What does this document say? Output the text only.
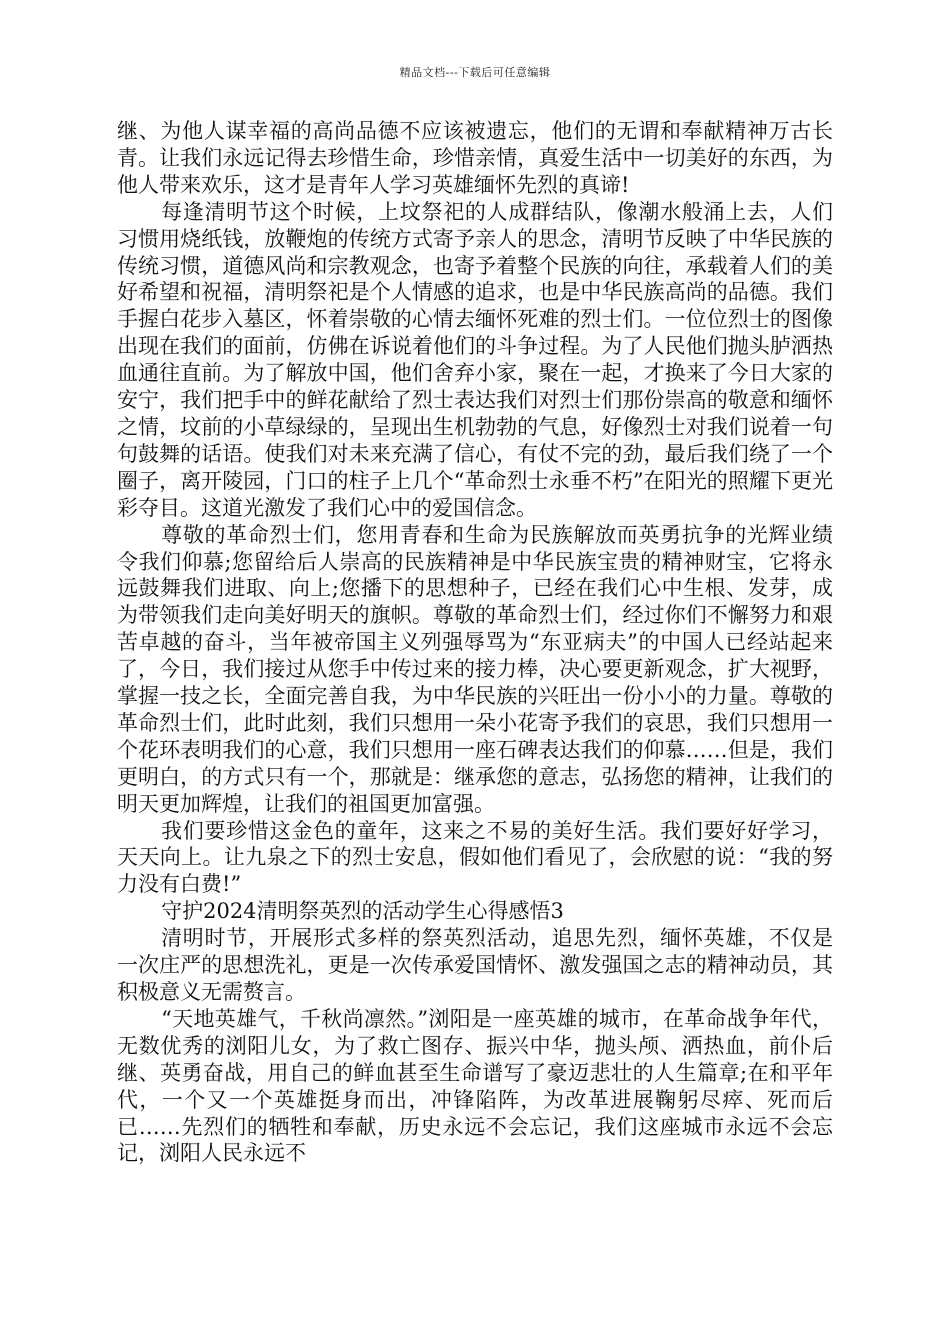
精品文档---下载后可任意编辑

继、为他人谋幸福的高尚品德不应该被遗忘，他们的无谓和奉献精神万古长青。让我们永远记得去珍惜生命，珍惜亲情，真爱生活中一切美好的东西，为他人带来欢乐，这才是青年人学习英雄缅怀先烈的真谛!

每逢清明节这个时候，上坟祭祀的人成群结队，像潮水般涌上去，人们习惯用烧纸钱，放鞭炮的传统方式寄予亲人的思念，清明节反映了中华民族的传统习惯，道德风尚和宗教观念，也寄予着整个民族的向往，承载着人们的美好希望和祝福，清明祭祀是个人情感的追求，也是中华民族高尚的品德。我们手握白花步入墓区，怀着崇敬的心情去缅怀死难的烈士们。一位位烈士的图像出现在我们的面前，仿佛在诉说着他们的斗争过程。为了人民他们抛头胪洒热血通往直前。为了解放中国，他们舍弃小家，聚在一起，才换来了今日大家的安宁，我们把手中的鲜花献给了烈士表达我们对烈士们那份崇高的敬意和缅怀之情，坟前的小草绿绿的，呈现出生机勃勃的气息，好像烈士对我们说着一句句鼓舞的话语。使我们对未来充满了信心，有仗不完的劲，最后我们绕了一个圈子，离开陵园，门口的柱子上几个“革命烈士永垂不朽”在阳光的照耀下更光彩夺目。这道光激发了我们心中的爱国信念。

尊敬的革命烈士们，您用青春和生命为民族解放而英勇抗争的光辉业绩令我们仰慕;您留给后人崇高的民族精神是中华民族宝贵的精神财宝，它将永远鼓舞我们进取、向上;您播下的思想种子，已经在我们心中生根、发芽，成为带领我们走向美好明天的旗帜。尊敬的革命烈士们，经过你们不懈努力和艰苦卓越的奋斗，当年被帝国主义列强辱骂为“东亚病夫”的中国人已经站起来了，今日，我们接过从您手中传过来的接力棒，决心要更新观念，扩大视野，掌握一技之长，全面完善自我，为中华民族的兴旺出一份小小的力量。尊敬的革命烈士们，此时此刻，我们只想用一朵小花寄予我们的哀思，我们只想用一个花环表明我们的心意，我们只想用一座石碑表达我们的仰慕……但是，我们更明白，的方式只有一个，那就是：继承您的意志，弘扬您的精神，让我们的明天更加辉煌，让我们的祖国更加富强。

我们要珍惜这金色的童年，这来之不易的美好生活。我们要好好学习，天天向上。让九泉之下的烈士安息，假如他们看见了，会欣慰的说：“我的努力没有白费!”

守护2024清明祭英烈的活动学生心得感悟3

清明时节，开展形式多样的祭英烈活动，追思先烈，缅怀英雄，不仅是一次庄严的思想洗礼，更是一次传承爱国情怀、激发强国之志的精神动员，其积极意义无需赘言。

“天地英雄气，千秋尚凛然。”浏阳是一座英雄的城市，在革命战争年代，无数优秀的浏阳儿女，为了救亡图存、振兴中华，抛头颅、洒热血，前仆后继、英勇奋战，用自己的鲜血甚至生命谱写了豪迈悲壮的人生篇章;在和平年代，一个又一个英雄挺身而出，冲锋陷阵，为改革进展鞠躬尽瘁、死而后已……先烈们的牺牲和奉献，历史永远不会忘记，我们这座城市永远不会忘记，浏阳人民永远不
